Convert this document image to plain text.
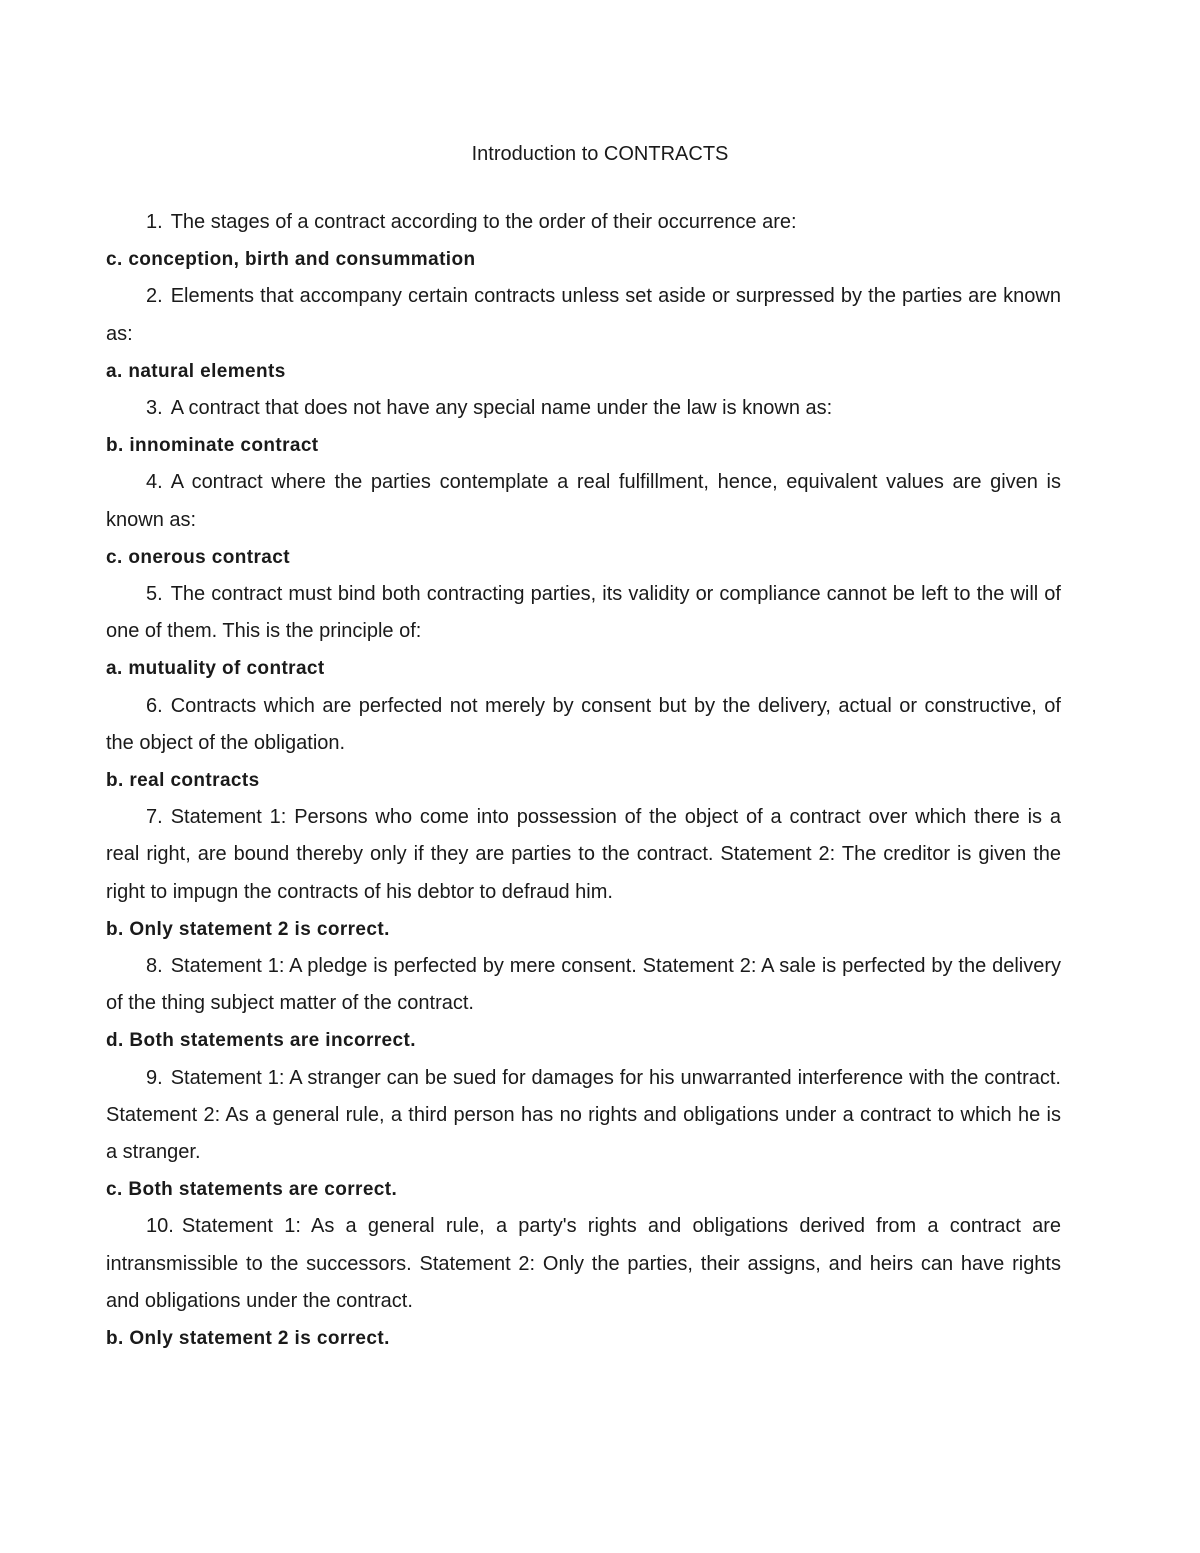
Introduction to CONTRACTS

1. The stages of a contract according to the order of their occurrence are:

c. conception, birth and consummation

2. Elements that accompany certain contracts unless set aside or surpressed by the parties are known as:

a. natural elements

3. A contract that does not have any special name under the law is known as:

b. innominate contract

4. A contract where the parties contemplate a real fulfillment, hence, equivalent values are given is known as:

c. onerous contract

5. The contract must bind both contracting parties, its validity or compliance cannot be left to the will of one of them. This is the principle of:

a. mutuality of contract

6. Contracts which are perfected not merely by consent but by the delivery, actual or constructive, of the object of the obligation.

b. real contracts

7. Statement 1: Persons who come into possession of the object of a contract over which there is a real right, are bound thereby only if they are parties to the contract. Statement 2: The creditor is given the right to impugn the contracts of his debtor to defraud him.

b. Only statement 2 is correct.

8. Statement 1: A pledge is perfected by mere consent. Statement 2: A sale is perfected by the delivery of the thing subject matter of the contract.

d. Both statements are incorrect.

9. Statement 1: A stranger can be sued for damages for his unwarranted interference with the contract. Statement 2: As a general rule, a third person has no rights and obligations under a contract to which he is a stranger.

c. Both statements are correct.

10. Statement 1: As a general rule, a party's rights and obligations derived from a contract are intransmissible to the successors. Statement 2: Only the parties, their assigns, and heirs can have rights and obligations under the contract.

b. Only statement 2 is correct.
